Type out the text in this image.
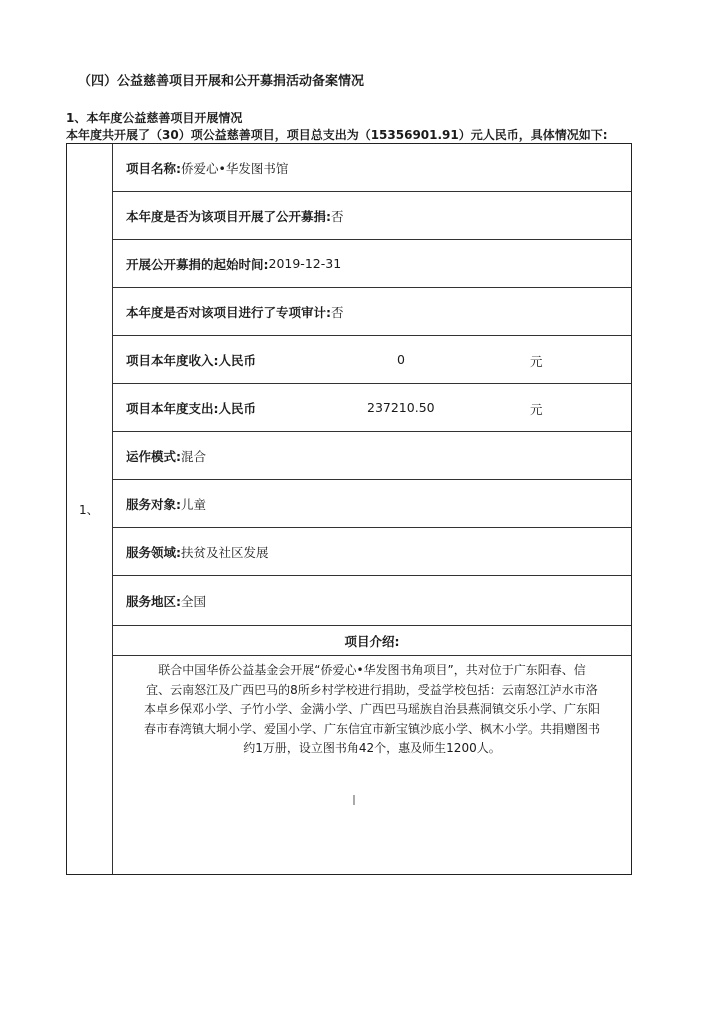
（四）公益慈善项目开展和公开募捐活动备案情况
1、本年度公益慈善项目开展情况
本年度共开展了（30）项公益慈善项目，项目总支出为（15356901.91）元人民币，具体情况如下:
1、
项目名称: 侨爱心•华发图书馆
本年度是否为该项目开展了公开募捐: 否
开展公开募捐的起始时间: 2019-12-31
本年度是否对该项目进行了专项审计: 否
项目本年度收入: 人民币	0	元
项目本年度支出: 人民币	237210.50	元
运作模式: 混合
服务对象: 儿童
服务领域: 扶贫及社区发展
服务地区: 全国
项目介绍:
联合中国华侨公益基金会开展“侨爱心•华发图书角项目”，共对位于广东阳春、信
宜、云南怒江及广西巴马的8所乡村学校进行捐助，受益学校包括：云南怒江泸水市洛
本卓乡保邓小学、子竹小学、金满小学、广西巴马瑶族自治县燕洞镇交乐小学、广东阳
春市春湾镇大垌小学、爱国小学、广东信宜市新宝镇沙底小学、枫木小学。共捐赠图书
约1万册，设立图书角42个，惠及师生1200人。
